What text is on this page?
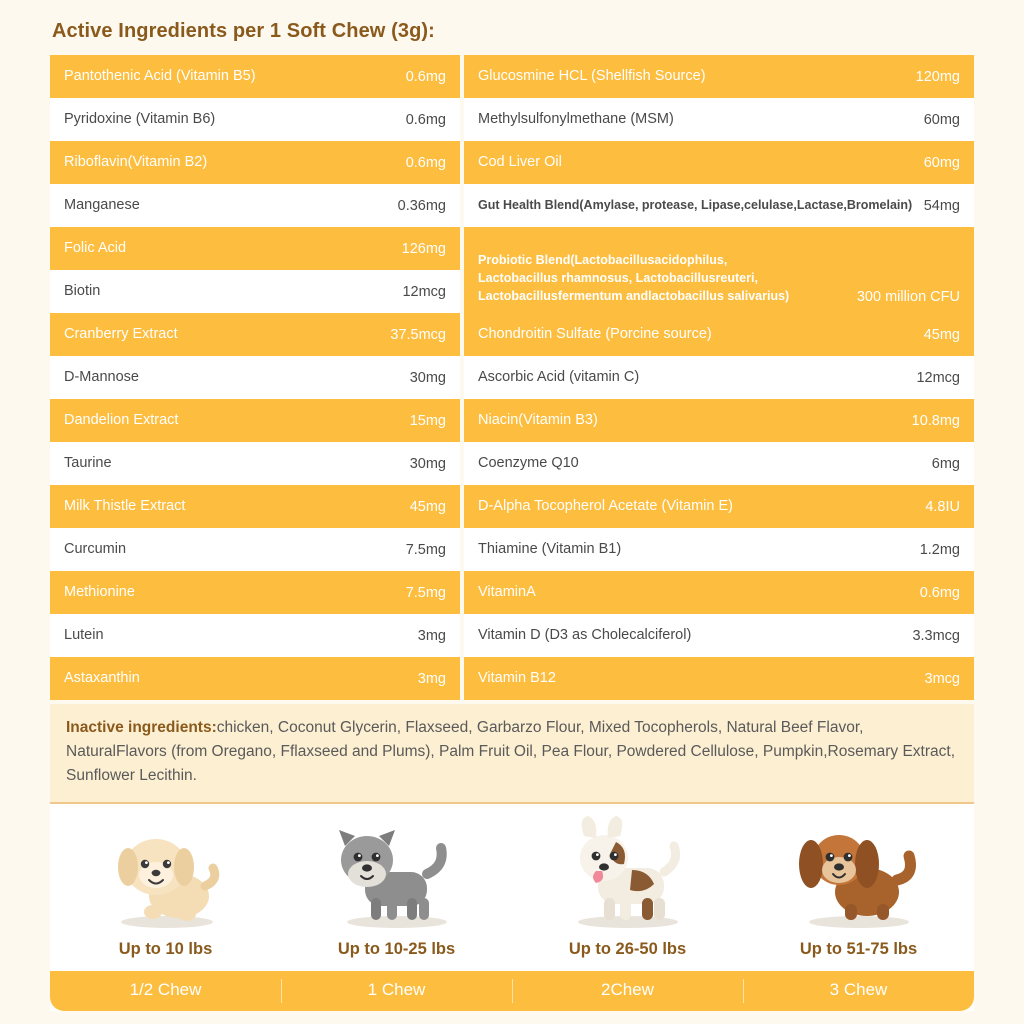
Active Ingredients per 1 Soft Chew (3g):
Pantothenic Acid (Vitamin B5)	0.6mg
Pyridoxine (Vitamin B6)	0.6mg
Riboflavin(Vitamin B2)	0.6mg
Manganese	0.36mg
Folic Acid	126mg
Biotin	12mcg
Cranberry Extract	37.5mcg
D-Mannose	30mg
Dandelion Extract	15mg
Taurine	30mg
Milk Thistle Extract	45mg
Curcumin	7.5mg
Methionine	7.5mg
Lutein	3mg
Astaxanthin	3mg
Glucosmine HCL (Shellfish Source)	120mg
Methylsulfonylmethane (MSM)	60mg
Cod Liver Oil	60mg
Gut Health Blend(Amylase, protease, Lipase,celulase,Lactase,Bromelain) 54mg
Probiotic Blend(Lactobacillusacidophilus,
Lactobacillus rhamnosus, Lactobacillusreuteri,
Lactobacillusfermentum andlactobacillus salivarius)	300 million CFU
Chondroitin Sulfate (Porcine source)	45mg
Ascorbic Acid (vitamin C)	12mcg
Niacin(Vitamin B3)	10.8mg
Coenzyme Q10	6mg
D-Alpha Tocopherol Acetate (Vitamin E)	4.8IU
Thiamine (Vitamin B1)	1.2mg
VitaminA	0.6mg
Vitamin D (D3 as Cholecalciferol)	3.3mcg
Vitamin B12	3mcg
Inactive ingredients:chicken, Coconut Glycerin, Flaxseed, Garbarzo Flour, Mixed Tocopherols, Natural Beef Flavor, NaturalFlavors (from Oregano, Fflaxseed and Plums), Palm Fruit Oil, Pea Flour, Powdered Cellulose, Pumpkin,Rosemary Extract, Sunflower Lecithin.
Up to 10 lbs	Up to 10-25 lbs	Up to 26-50 lbs	Up to 51-75 lbs
1/2 Chew	1 Chew	2Chew	3 Chew
